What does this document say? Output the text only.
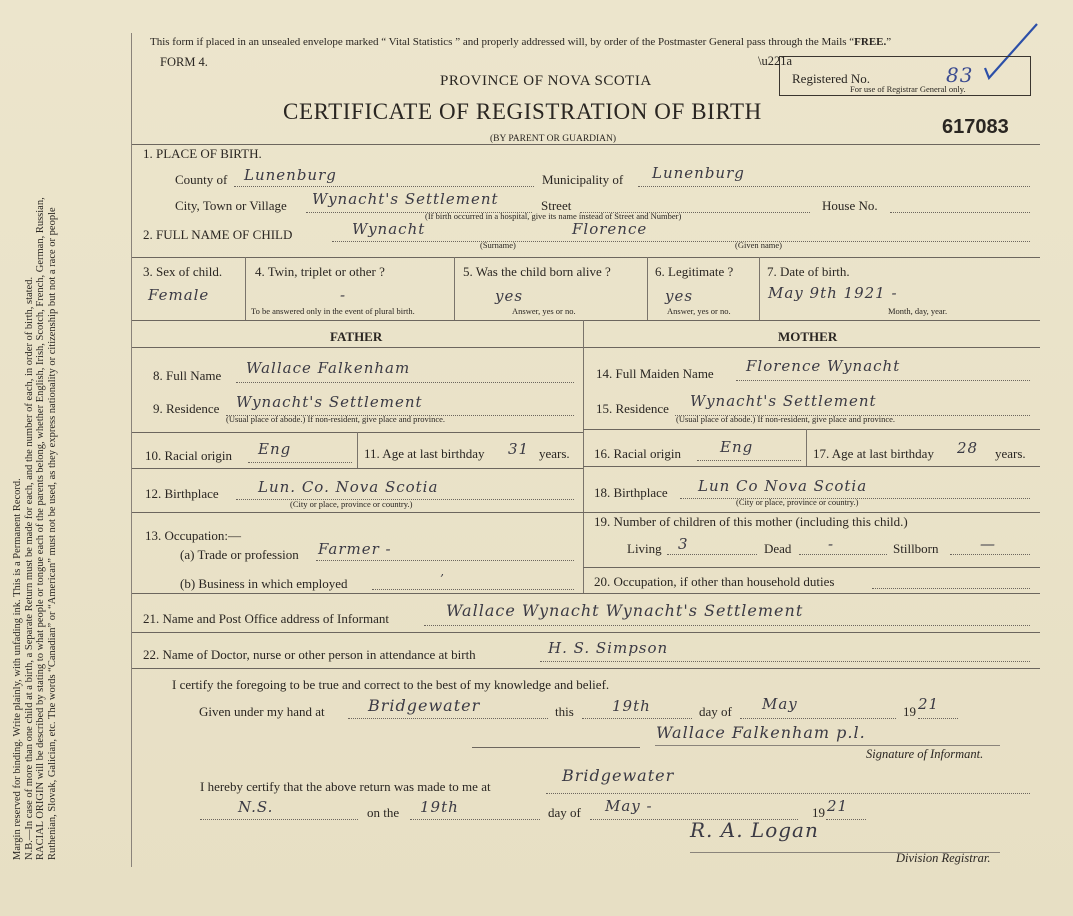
Margin reserved for binding. Write plainly, with unfading ink. This is a Permanent Record. N.B.—In case of more than one child at a birth, a Separate Return must be made for each, and the number of each, in order of birth, stated. RACIAL ORIGIN will be described by stating to what people or tongue each of the parents belong, whether English, Irish, Scotch, French, German, Russian, Ruthenian, Slovak, Galician, etc. The words “Canadian” or “American” must not be used, as they express nationality or citizenship but not a race or people
This form if placed in an unsealed envelope marked “ Vital Statistics ” and properly addressed will, by order of the Postmaster General pass through the Mails “FREE.”
FORM 4.
PROVINCE OF NOVA SCOTIA
CERTIFICATE OF REGISTRATION OF BIRTH
(BY PARENT OR GUARDIAN)
617083
Registered No.	83
For use of Registrar General only.
\u221a
1. PLACE OF BIRTH.
County of Lunenburg	Municipality of Lunenburg
City, Town or Village Wynacht's Settlement	Street	House No.
(If birth occurred in a hospital, give its name instead of Street and Number)
2. FULL NAME OF CHILD	Wynacht	Florence
(Surname)	(Given name)
3. Sex of child.
Female
4. Twin, triplet or other ?
-
To be answered only in the event of plural birth.
5. Was the child born alive ?
yes
Answer, yes or no.
6. Legitimate ?
yes
Answer, yes or no.
7. Date of birth.
May 9th 1921 -
Month, day, year.
FATHER	MOTHER
8. Full Name Wallace Falkenham
9. Residence Wynacht's Settlement
(Usual place of abode.) If non-resident, give place and province.
10. Racial origin Eng	11. Age at last birthday 31 years.
12. Birthplace	Lun. Co. Nova Scotia
(City or place, province or country.)
13. Occupation:—
(a) Trade or profession Farmer -
(b) Business in which employed	’
14. Full Maiden Name Florence Wynacht
15. Residence Wynacht's Settlement
(Usual place of abode.) If non-resident, give place and province.
16. Racial origin	Eng	17. Age at last birthday 28 years.
18. Birthplace Lun Co Nova Scotia
(City or place, province or country.)
19. Number of children of this mother (including this child.)
Living 3	Dead -	Stillborn	—
20. Occupation, if other than household duties
21. Name and Post Office address of Informant	Wallace Wynacht Wynacht's Settlement
22. Name of Doctor, nurse or other person in attendance at birth	H. S. Simpson
I certify the foregoing to be true and correct to the best of my knowledge and belief.
Given under my hand at	Bridgewater	this	19th	day of May	19 21
Wallace Falkenham p.l.
Signature of Informant.
I hereby certify that the above return was made to me at
Bridgewater
N.S.	on the 19th	day of May -	19 21
R. A. Logan
Division Registrar.
